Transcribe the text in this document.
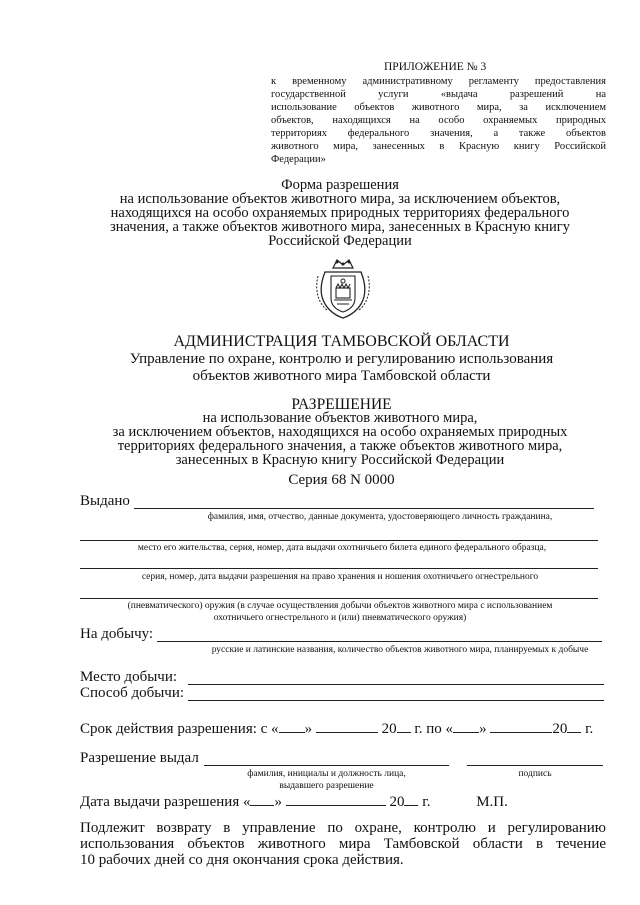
ПРИЛОЖЕНИЕ № 3
к временному административному регламенту предоставления
государственной услуги «выдача разрешений на
использование объектов животного мира, за исключением
объектов, находящихся на особо охраняемых природных
территориях федерального значения, а также объектов
животного мира, занесенных в Красную книгу Российской
Федерации»
Форма разрешения
на использование объектов животного мира, за исключением объектов,
находящихся на особо охраняемых природных территориях федерального
значения, а также объектов животного мира, занесенных в Красную книгу
Российской Федерации
АДМИНИСТРАЦИЯ ТАМБОВСКОЙ ОБЛАСТИ
Управление по охране, контролю и регулированию использования
объектов животного мира Тамбовской области
РАЗРЕШЕНИЕ
на использование объектов животного мира,
за исключением объектов, находящихся на особо охраняемых природных
территориях федерального значения, а также объектов животного мира,
занесенных в Красную книгу Российской Федерации
Серия 68 N 0000
Выдано
фамилия, имя, отчество, данные документа, удостоверяющего личность гражданина,
место его жительства, серия, номер, дата выдачи охотничьего билета единого федерального образца,
серия, номер, дата выдачи разрешения на право хранения и ношения охотничьего огнестрельного
(пневматического) оружия (в случае осуществления добычи объектов животного мира с использованием
охотничьего огнестрельного и (или) пневматического оружия)
На добычу:
русские и латинские названия, количество объектов животного мира, планируемых к добыче
Место добычи:
Способ добычи:
Срок действия разрешения: с « »	20 г. по « »	20 г.
Разрешение выдал
фамилия, инициалы и должность лица,
выдавшего разрешение
подпись
Дата выдачи разрешения « »	20 г.	М.П.
Подлежит возврату в управление по охране, контролю и регулированию
использования объектов животного мира Тамбовской области в течение
10 рабочих дней со дня окончания срока действия.
